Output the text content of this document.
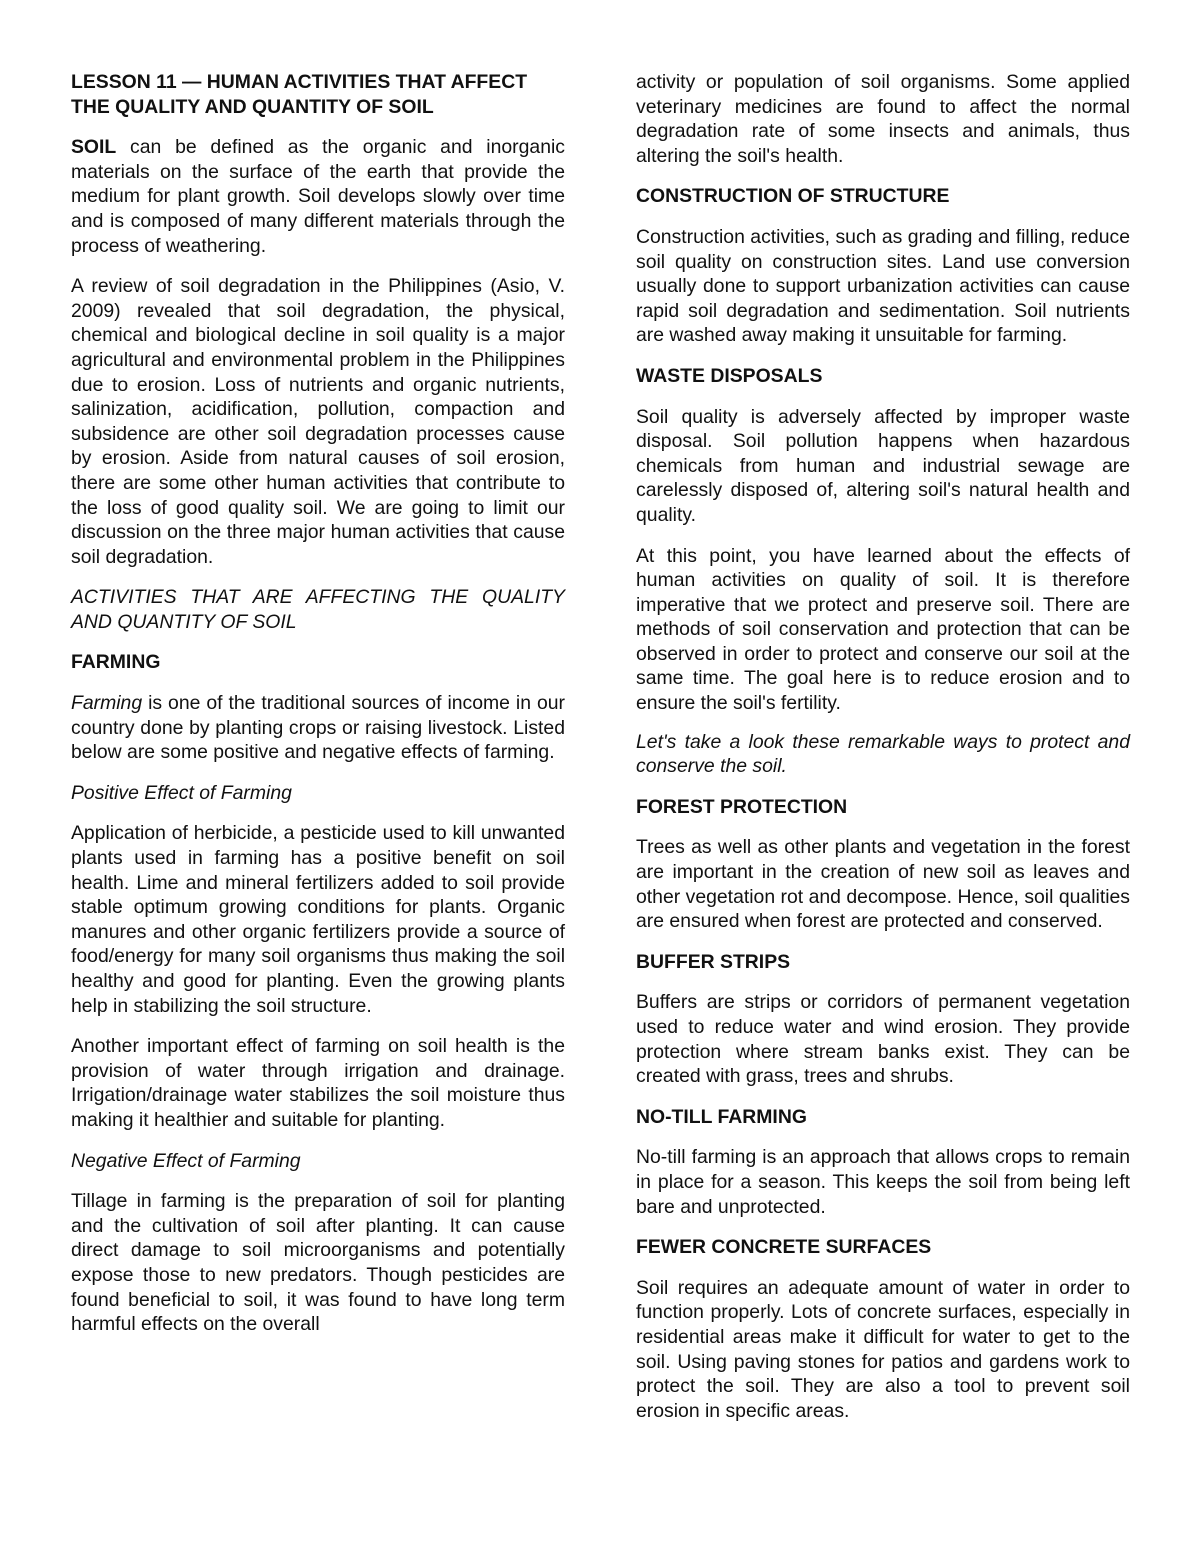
LESSON 11 — HUMAN ACTIVITIES THAT AFFECT THE QUALITY AND QUANTITY OF SOIL

SOIL can be defined as the organic and inorganic materials on the surface of the earth that provide the medium for plant growth. Soil develops slowly over time and is composed of many different materials through the process of weathering.

A review of soil degradation in the Philippines (Asio, V. 2009) revealed that soil degradation, the physical, chemical and biological decline in soil quality is a major agricultural and environmental problem in the Philippines due to erosion. Loss of nutrients and organic nutrients, salinization, acidification, pollution, compaction and subsidence are other soil degradation processes cause by erosion. Aside from natural causes of soil erosion, there are some other human activities that contribute to the loss of good quality soil. We are going to limit our discussion on the three major human activities that cause soil degradation.

ACTIVITIES THAT ARE AFFECTING THE QUALITY AND QUANTITY OF SOIL

FARMING

Farming is one of the traditional sources of income in our country done by planting crops or raising livestock. Listed below are some positive and negative effects of farming.

Positive Effect of Farming

Application of herbicide, a pesticide used to kill unwanted plants used in farming has a positive benefit on soil health. Lime and mineral fertilizers added to soil provide stable optimum growing conditions for plants. Organic manures and other organic fertilizers provide a source of food/energy for many soil organisms thus making the soil healthy and good for planting. Even the growing plants help in stabilizing the soil structure.

Another important effect of farming on soil health is the provision of water through irrigation and drainage. Irrigation/drainage water stabilizes the soil moisture thus making it healthier and suitable for planting.

Negative Effect of Farming

Tillage in farming is the preparation of soil for planting and the cultivation of soil after planting. It can cause direct damage to soil microorganisms and potentially expose those to new predators. Though pesticides are found beneficial to soil, it was found to have long term harmful effects on the overall

activity or population of soil organisms. Some applied veterinary medicines are found to affect the normal degradation rate of some insects and animals, thus altering the soil's health.

CONSTRUCTION OF STRUCTURE

Construction activities, such as grading and filling, reduce soil quality on construction sites. Land use conversion usually done to support urbanization activities can cause rapid soil degradation and sedimentation. Soil nutrients are washed away making it unsuitable for farming.

WASTE DISPOSALS

Soil quality is adversely affected by improper waste disposal. Soil pollution happens when hazardous chemicals from human and industrial sewage are carelessly disposed of, altering soil's natural health and quality.

At this point, you have learned about the effects of human activities on quality of soil. It is therefore imperative that we protect and preserve soil. There are methods of soil conservation and protection that can be observed in order to protect and conserve our soil at the same time. The goal here is to reduce erosion and to ensure the soil's fertility.

Let's take a look these remarkable ways to protect and conserve the soil.

FOREST PROTECTION

Trees as well as other plants and vegetation in the forest are important in the creation of new soil as leaves and other vegetation rot and decompose. Hence, soil qualities are ensured when forest are protected and conserved.

BUFFER STRIPS

Buffers are strips or corridors of permanent vegetation used to reduce water and wind erosion. They provide protection where stream banks exist. They can be created with grass, trees and shrubs.

NO-TILL FARMING

No-till farming is an approach that allows crops to remain in place for a season. This keeps the soil from being left bare and unprotected.

FEWER CONCRETE SURFACES

Soil requires an adequate amount of water in order to function properly. Lots of concrete surfaces, especially in residential areas make it difficult for water to get to the soil. Using paving stones for patios and gardens work to protect the soil. They are also a tool to prevent soil erosion in specific areas.
